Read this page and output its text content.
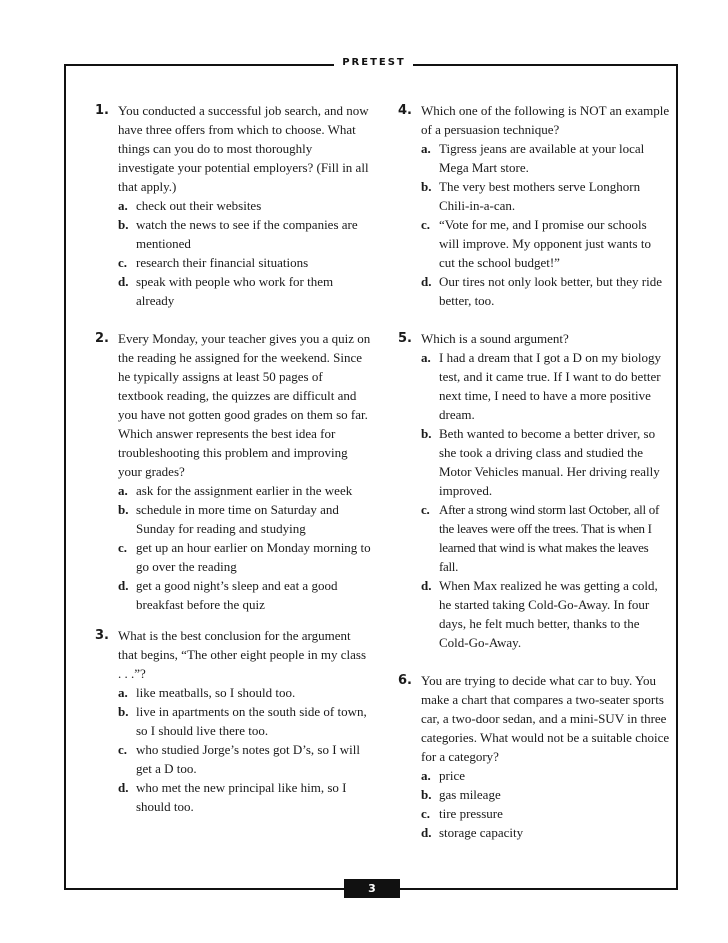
PRETEST
3
1. You conducted a successful job search, and now have three offers from which to choose. What things can you do to most thoroughly investigate your potential employers? (Fill in all that apply.)
a. check out their websites
b. watch the news to see if the companies are mentioned
c. research their financial situations
d. speak with people who work for them already
2. Every Monday, your teacher gives you a quiz on the reading he assigned for the weekend. Since he typically assigns at least 50 pages of textbook reading, the quizzes are difficult and you have not gotten good grades on them so far. Which answer represents the best idea for troubleshooting this problem and improving your grades?
a. ask for the assignment earlier in the week
b. schedule in more time on Saturday and Sunday for reading and studying
c. get up an hour earlier on Monday morning to go over the reading
d. get a good night’s sleep and eat a good breakfast before the quiz
3. What is the best conclusion for the argument that begins, “The other eight people in my class . . .”?
a. like meatballs, so I should too.
b. live in apartments on the south side of town, so I should live there too.
c. who studied Jorge’s notes got D’s, so I will get a D too.
d. who met the new principal like him, so I should too.
4. Which one of the following is NOT an example of a persuasion technique?
a. Tigress jeans are available at your local Mega Mart store.
b. The very best mothers serve Longhorn Chili-in-a-can.
c. “Vote for me, and I promise our schools will improve. My opponent just wants to cut the school budget!”
d. Our tires not only look better, but they ride better, too.
5. Which is a sound argument?
a. I had a dream that I got a D on my biology test, and it came true. If I want to do better next time, I need to have a more positive dream.
b. Beth wanted to become a better driver, so she took a driving class and studied the Motor Vehicles manual. Her driving really improved.
c. After a strong wind storm last October, all of the leaves were off the trees. That is when I learned that wind is what makes the leaves fall.
d. When Max realized he was getting a cold, he started taking Cold-Go-Away. In four days, he felt much better, thanks to the Cold-Go-Away.
6. You are trying to decide what car to buy. You make a chart that compares a two-seater sports car, a two-door sedan, and a mini-SUV in three categories. What would not be a suitable choice for a category?
a. price
b. gas mileage
c. tire pressure
d. storage capacity
